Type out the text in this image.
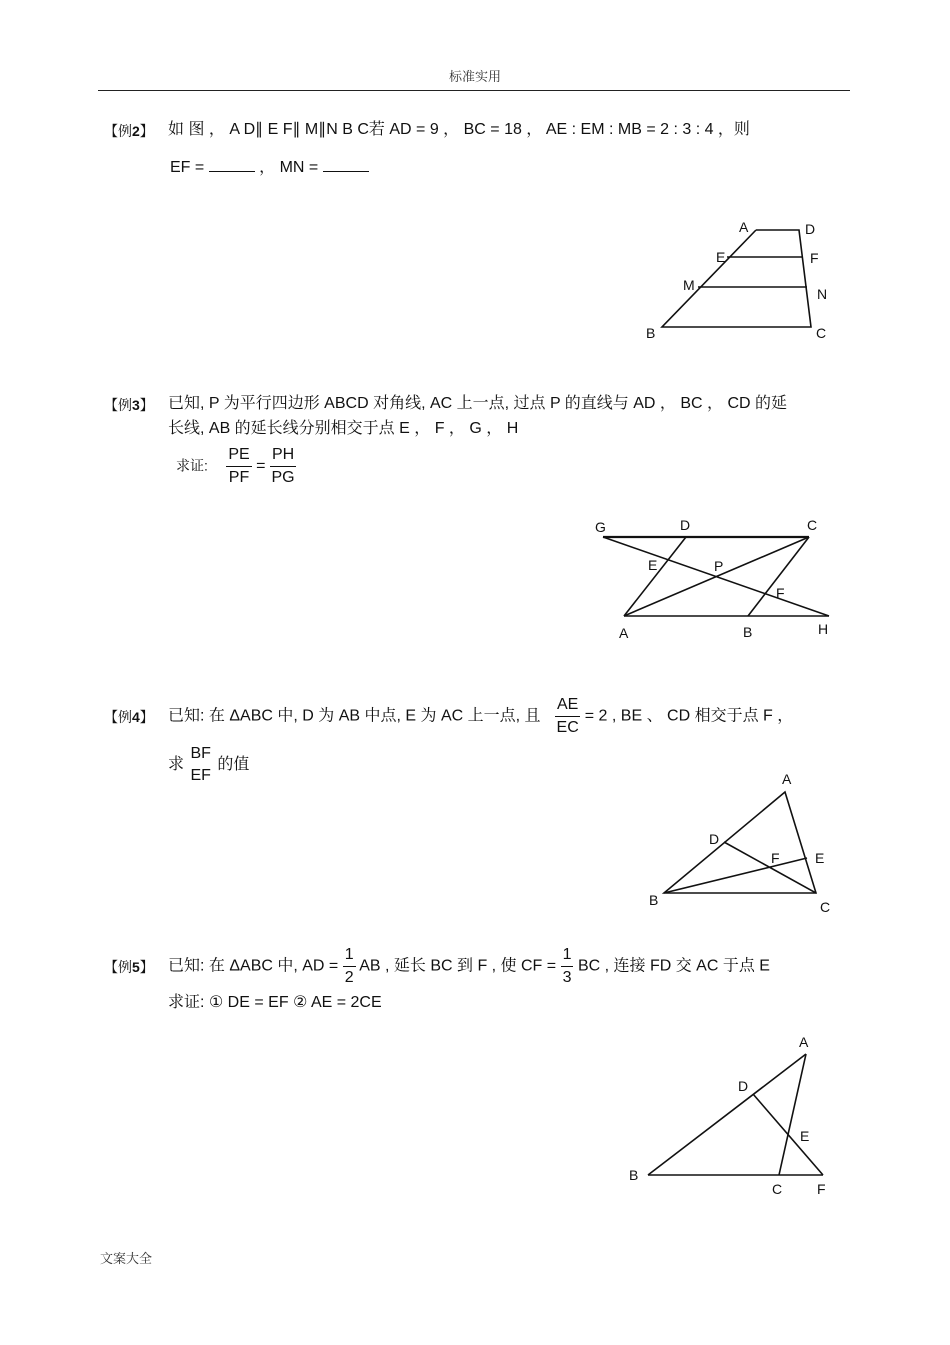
标准实用
【例2】 如 图 ， A D∥ E F∥ M∥N B C若 AD = 9 ， BC = 18 ， AE : EM : MB = 2 : 3 : 4 ，则
EF =	， MN =
A	D
E	F
M
N
B	C
【例3】 已知, P 为平行四边形 ABCD 对角线, AC 上一点, 过点 P 的直线与 AD ， BC ， CD 的延
长线, AB 的延长线分别相交于点 E ， F ， G ， H
求证: $\frac{PE}{PF} = \frac{PH}{PG}$
G	D	C
E	P
F
A	B	H
【例4】 已知: 在 ΔABC 中, D 为 AB 中点, E 为 AC 上一点, 且 $\frac{AE}{EC} = 2$ , BE 、 CD 相交于点 F ，
求
BF
EF
的值
A
D
F	E
B	C
【例5】 已知: 在 ΔABC 中, AD = $\frac{1}{2}$ AB , 延长 BC 到 F , 使 CF = $\frac{1}{3}$ BC , 连接 FD 交 AC 于点 E
求证: ① DE = EF ② AE = 2CE
A
D
E
B
C F
文案大全
